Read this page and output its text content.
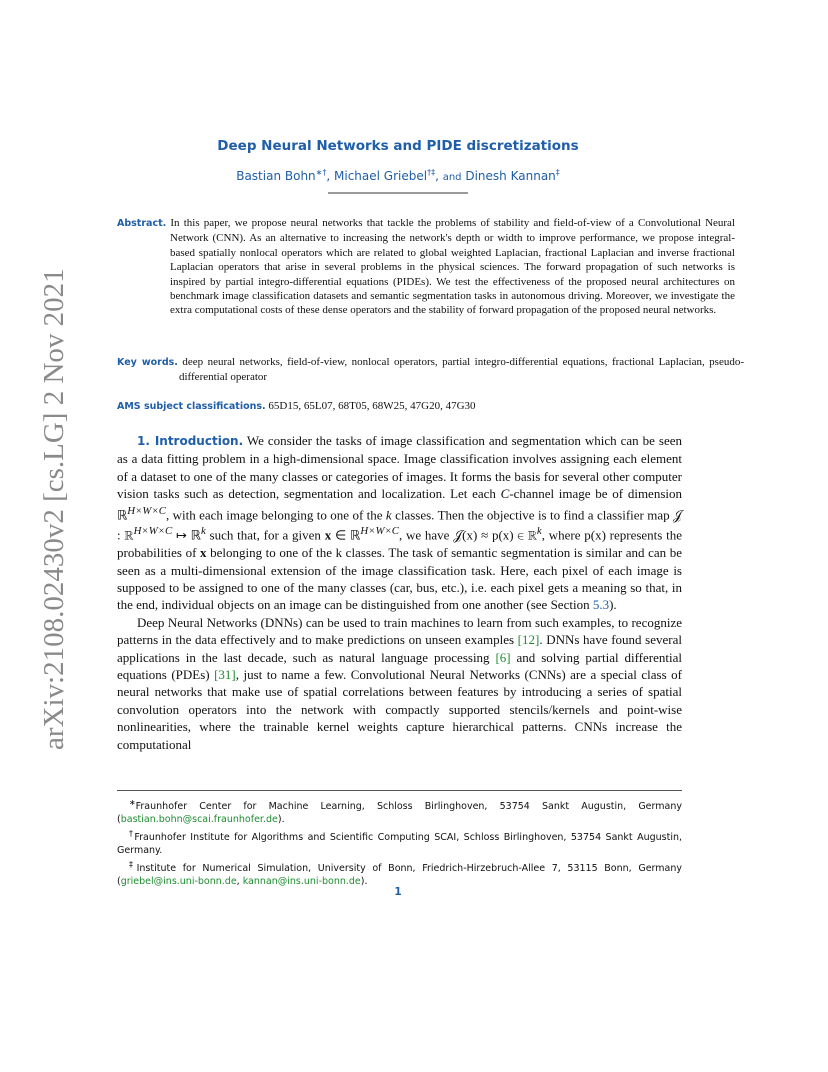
arXiv:2108.02430v2 [cs.LG] 2 Nov 2021
Deep Neural Networks and PIDE discretizations
Bastian Bohn∗†, Michael Griebel†‡, and Dinesh Kannan‡
Abstract. In this paper, we propose neural networks that tackle the problems of stability and field-of-view of a Convolutional Neural Network (CNN). As an alternative to increasing the network's depth or width to improve performance, we propose integral-based spatially nonlocal operators which are related to global weighted Laplacian, fractional Laplacian and inverse fractional Laplacian operators that arise in several problems in the physical sciences. The forward propagation of such networks is inspired by partial integro-differential equations (PIDEs). We test the effectiveness of the proposed neural architectures on benchmark image classification datasets and semantic segmentation tasks in autonomous driving. Moreover, we investigate the extra computational costs of these dense operators and the stability of forward propagation of the proposed neural networks.
Key words. deep neural networks, field-of-view, nonlocal operators, partial integro-differential equations, fractional Laplacian, pseudo-differential operator
AMS subject classifications. 65D15, 65L07, 68T05, 68W25, 47G20, 47G30

1. Introduction. We consider the tasks of image classification and segmentation which can be seen as a data fitting problem in a high-dimensional space. Image classification involves assigning each element of a dataset to one of the many classes or categories of images. It forms the basis for several other computer vision tasks such as detection, segmentation and localization. Let each C-channel image be of dimension ℝ$^{H\times W\times C}$, with each image belonging to one of the k classes. Then the objective is to find a classifier map 𝒥 : ℝ$^{H\times W\times C}$ ↦ ℝ$^k$ such that, for a given x ∈ ℝ$^{H\times W\times C}$, we have 𝒥(x) ≈ p(x) ∈ ℝ$^k$, where p(x) represents the probabilities of x belonging to one of the k classes. The task of semantic segmentation is similar and can be seen as a multi-dimensional extension of the image classification task. Here, each pixel of each image is supposed to be assigned to one of the many classes (car, bus, etc.), i.e. each pixel gets a meaning so that, in the end, individual objects on an image can be distinguished from one another (see Section 5.3).

Deep Neural Networks (DNNs) can be used to train machines to learn from such examples, to recognize patterns in the data effectively and to make predictions on unseen examples [12]. DNNs have found several applications in the last decade, such as natural language processing [6] and solving partial differential equations (PDEs) [31], just to name a few. Convolutional Neural Networks (CNNs) are a special class of neural networks that make use of spatial correlations between features by introducing a series of spatial convolution operators into the network with compactly supported stencils/kernels and point-wise nonlinearities, where the trainable kernel weights capture hierarchical patterns. CNNs increase the computational

∗Fraunhofer Center for Machine Learning, Schloss Birlinghoven, 53754 Sankt Augustin, Germany (bastian.bohn@scai.fraunhofer.de).

†Fraunhofer Institute for Algorithms and Scientific Computing SCAI, Schloss Birlinghoven, 53754 Sankt Augustin, Germany.

‡Institute for Numerical Simulation, University of Bonn, Friedrich-Hirzebruch-Allee 7, 53115 Bonn, Germany (griebel@ins.uni-bonn.de, kannan@ins.uni-bonn.de).

1
